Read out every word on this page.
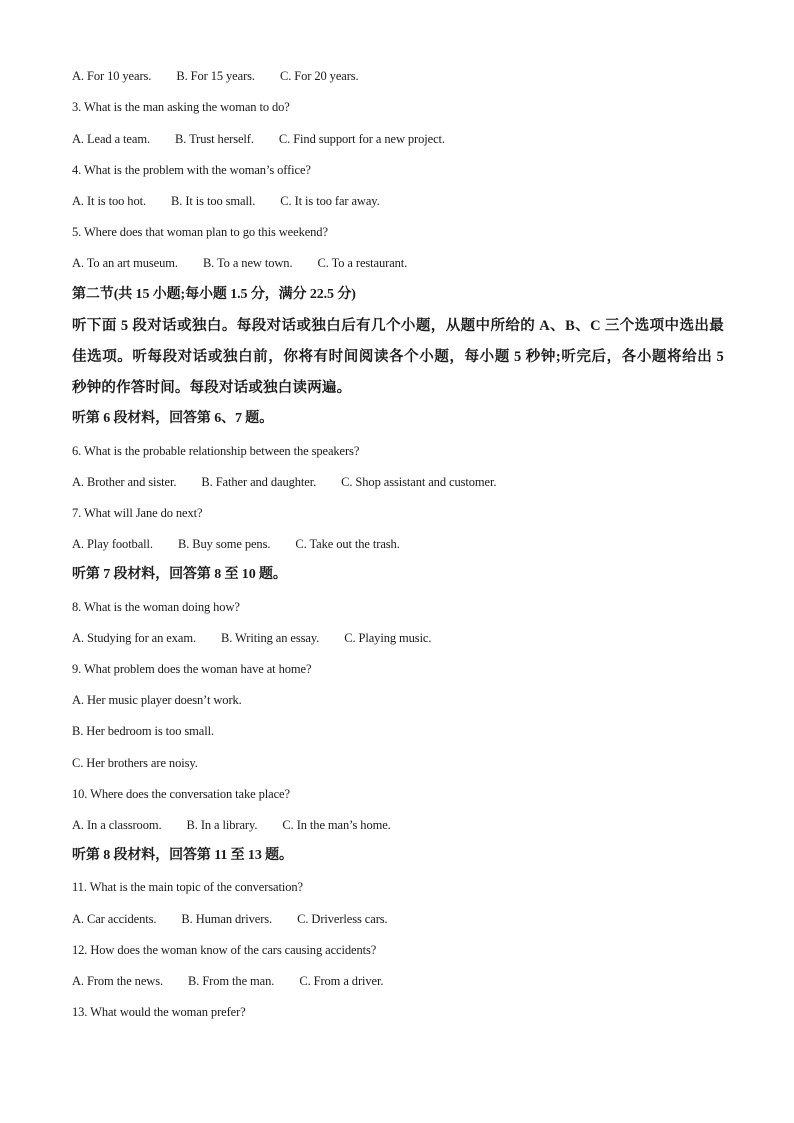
A. For 10 years. B. For 15 years. C. For 20 years.
3. What is the man asking the woman to do?
A. Lead a team. B. Trust herself. C. Find support for a new project.
4. What is the problem with the woman’s office?
A. It is too hot. B. It is too small. C. It is too far away.
5. Where does that woman plan to go this weekend?
A. To an art museum. B. To a new town. C. To a restaurant.
第二节(共 15 小题;每小题 1.5 分，满分 22.5 分)
听下面 5 段对话或独白。每段对话或独白后有几个小题，从题中所给的 A、B、C 三个选项中选出最佳选项。听每段对话或独白前，你将有时间阅读各个小题，每小题 5 秒钟;听完后，各小题将给出 5 秒钟的作答时间。每段对话或独白读两遍。
听第 6 段材料，回答第 6、7 题。
6. What is the probable relationship between the speakers?
A. Brother and sister. B. Father and daughter. C. Shop assistant and customer.
7. What will Jane do next?
A. Play football. B. Buy some pens. C. Take out the trash.
听第 7 段材料，回答第 8 至 10 题。
8. What is the woman doing how?
A. Studying for an exam. B. Writing an essay. C. Playing music.
9. What problem does the woman have at home?
A. Her music player doesn’t work.
B. Her bedroom is too small.
C. Her brothers are noisy.
10. Where does the conversation take place?
A. In a classroom. B. In a library. C. In the man’s home.
听第 8 段材料，回答第 11 至 13 题。
11. What is the main topic of the conversation?
A. Car accidents. B. Human drivers. C. Driverless cars.
12. How does the woman know of the cars causing accidents?
A. From the news. B. From the man. C. From a driver.
13. What would the woman prefer?
